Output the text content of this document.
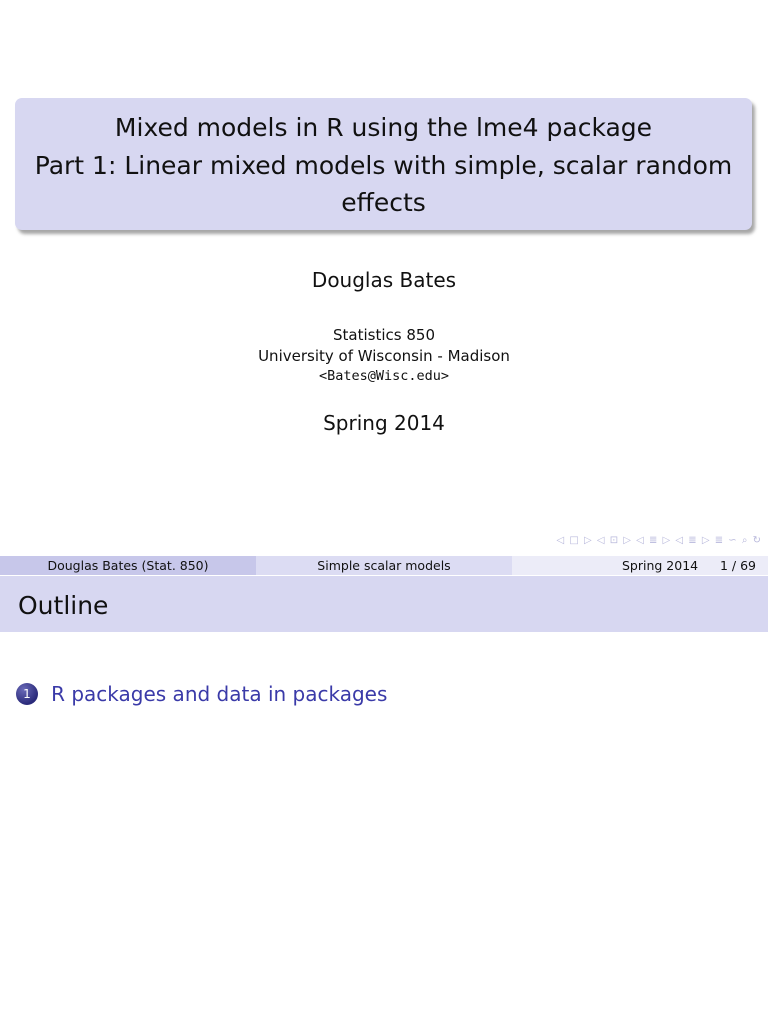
Mixed models in R using the lme4 package
Part 1: Linear mixed models with simple, scalar random
effects
Douglas Bates
Statistics 850
University of Wisconsin - Madison
<Bates@Wisc.edu>
Spring 2014
◁ □ ▷ ◁ ⊡ ▷ ◁ ≣ ▷ ◁ ≣ ▷ ≣ ∽ ⌕ ↻
Douglas Bates (Stat. 850)	Simple scalar models	Spring 2014 1 / 69
Outline
1 R packages and data in packages
